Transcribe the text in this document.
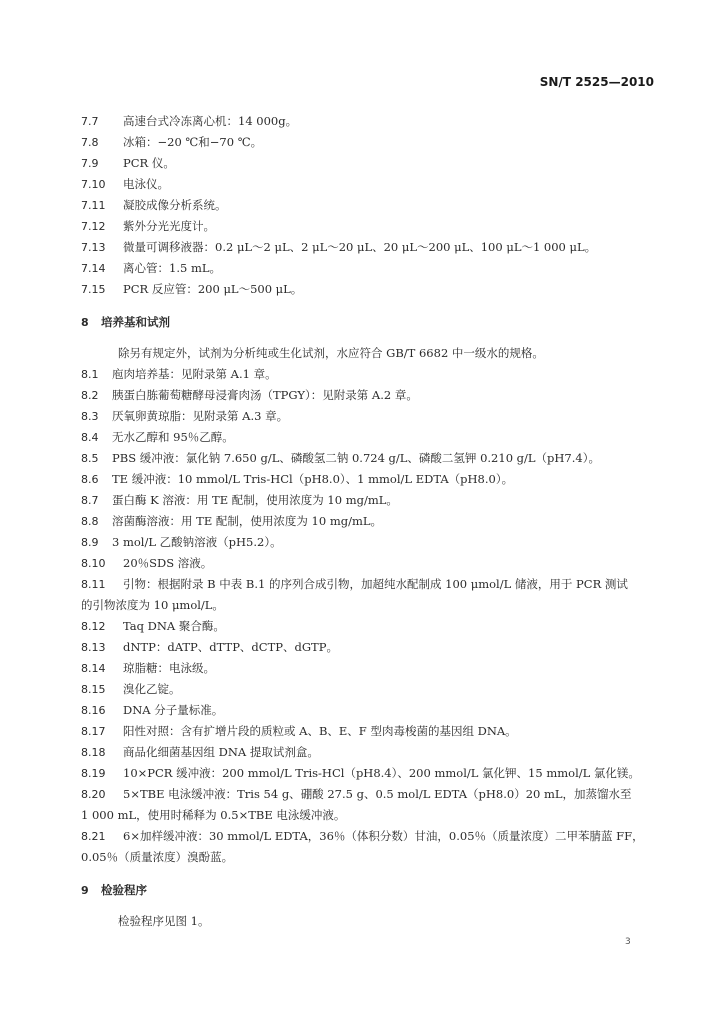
SN/T 2525—2010
7.7 高速台式冷冻离心机：14 000g。
7.8 冰箱：−20 ℃和−70 ℃。
7.9 PCR 仪。
7.10 电泳仪。
7.11 凝胶成像分析系统。
7.12 紫外分光光度计。
7.13 微量可调移液器：0.2 μL～2 μL、2 μL～20 μL、20 μL～200 μL、100 μL～1 000 μL。
7.14 离心管：1.5 mL。
7.15 PCR 反应管：200 μL～500 μL。
8 培养基和试剂
除另有规定外，试剂为分析纯或生化试剂，水应符合 GB/T 6682 中一级水的规格。
8.1 庖肉培养基：见附录第 A.1 章。
8.2 胰蛋白胨葡萄糖酵母浸膏肉汤（TPGY）：见附录第 A.2 章。
8.3 厌氧卵黄琼脂：见附录第 A.3 章。
8.4 无水乙醇和 95％乙醇。
8.5 PBS 缓冲液：氯化钠 7.650 g/L、磷酸氢二钠 0.724 g/L、磷酸二氢钾 0.210 g/L（pH7.4）。
8.6 TE 缓冲液：10 mmol/L Tris-HCl（pH8.0）、1 mmol/L EDTA（pH8.0）。
8.7 蛋白酶 K 溶液：用 TE 配制，使用浓度为 10 mg/mL。
8.8 溶菌酶溶液：用 TE 配制，使用浓度为 10 mg/mL。
8.9 3 mol/L 乙酸钠溶液（pH5.2）。
8.10 20％SDS 溶液。
8.11 引物：根据附录 B 中表 B.1 的序列合成引物，加超纯水配制成 100 μmol/L 储液，用于 PCR 测试
的引物浓度为 10 μmol/L。
8.12 Taq DNA 聚合酶。
8.13 dNTP：dATP、dTTP、dCTP、dGTP。
8.14 琼脂糖：电泳级。
8.15 溴化乙锭。
8.16 DNA 分子量标准。
8.17 阳性对照：含有扩增片段的质粒或 A、B、E、F 型肉毒梭菌的基因组 DNA。
8.18 商品化细菌基因组 DNA 提取试剂盒。
8.19 10×PCR 缓冲液：200 mmol/L Tris-HCl（pH8.4）、200 mmol/L 氯化钾、15 mmol/L 氯化镁。
8.20 5×TBE 电泳缓冲液：Tris 54 g、硼酸 27.5 g、0.5 mol/L EDTA（pH8.0）20 mL，加蒸馏水至
1 000 mL，使用时稀释为 0.5×TBE 电泳缓冲液。
8.21 6×加样缓冲液：30 mmol/L EDTA，36％（体积分数）甘油，0.05％（质量浓度）二甲苯腈蓝 FF，
0.05％（质量浓度）溴酚蓝。
9 检验程序
检验程序见图 1。
3
